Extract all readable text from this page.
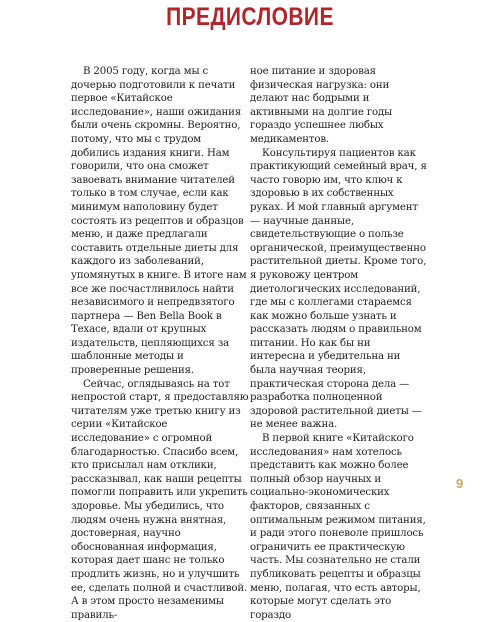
ПРЕДИСЛОВИЕ

В 2005 году, когда мы с дочерью подготовили к печати первое «Китайское исследование», наши ожидания были очень скромны. Вероятно, потому, что мы с трудом добились издания книги. Нам говорили, что она сможет завоевать внимание читателей только в том случае, если как минимум наполовину будет состоять из рецептов и образцов меню, и даже предлагали составить отдельные диеты для каждого из заболеваний, упомянутых в книге. В итоге нам все же посчастливилось найти независимого и непредвзятого партнера — Ben Bella Book в Техасе, вдали от крупных издательств, цепляющихся за шаблонные методы и проверенные решения.

Сейчас, оглядываясь на тот непростой старт, я предоставляю читателям уже третью книгу из серии «Китайское исследование» с огромной благодарностью. Спасибо всем, кто присылал нам отклики, рассказывал, как наши рецепты помогли поправить или укрепить здоровье. Мы убедились, что людям очень нужна внятная, достоверная, научно обоснованная информация, которая дает шанс не только продлить жизнь, но и улучшить ее, сделать полной и счастливой. А в этом просто незаменимы правиль-

ное питание и здоровая физическая нагрузка: они делают нас бодрыми и активными на долгие годы гораздо успешнее любых медикаментов.

Консультируя пациентов как практикующий семейный врач, я часто говорю им, что ключ к здоровью в их собственных руках. И мой главный аргумент — научные данные, свидетельствующие о пользе органической, преимущественно растительной диеты. Кроме того, я руковожу центром диетологических исследований, где мы с коллегами стараемся как можно больше узнать и рассказать людям о правильном питании. Но как бы ни интересна и убедительна ни была научная теория, практическая сторона дела — разработка полноценной здоровой растительной диеты — не менее важна.

В первой книге «Китайского исследования» нам хотелось представить как можно более полный обзор научных и социально-экономических факторов, связанных с оптимальным режимом питания, и ради этого поневоле пришлось ограничить ее практическую часть. Мы сознательно не стали публиковать рецепты и образцы меню, полагая, что есть авторы, которые могут сделать это гораздо

9
